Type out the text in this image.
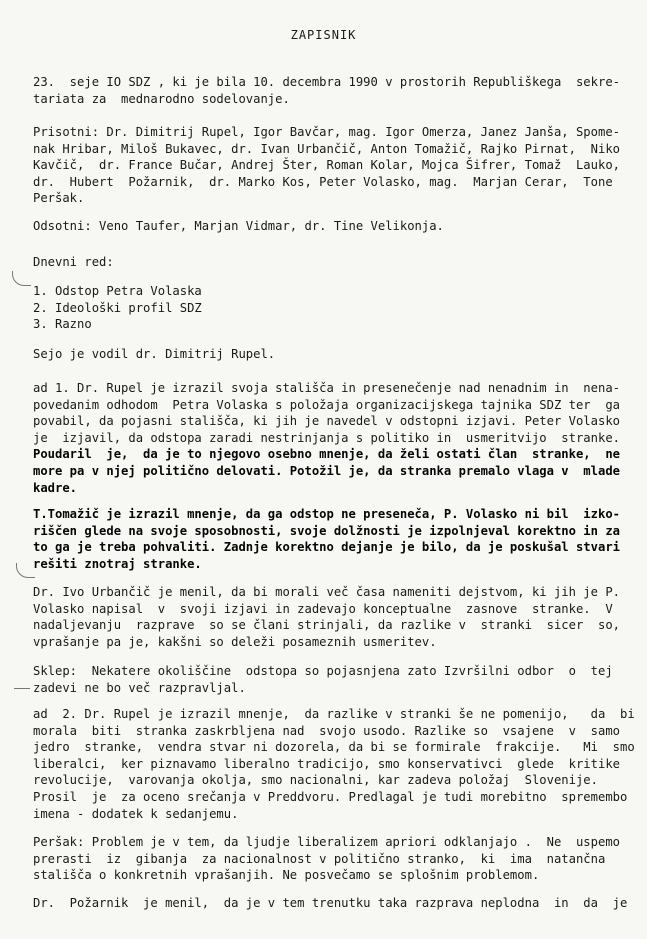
ZAPISNIK
23.  seje IO SDZ , ki je bila 10. decembra 1990 v prostorih Republiškega  sekre-
tariata za  mednarodno sodelovanje.
Prisotni: Dr. Dimitrij Rupel, Igor Bavčar, mag. Igor Omerza, Janez Janša, Spome-
nak Hribar, Miloš Bukavec, dr. Ivan Urbančič, Anton Tomažič, Rajko Pirnat,  Niko
Kavčič,  dr. France Bučar, Andrej Šter, Roman Kolar, Mojca Šifrer, Tomaž  Lauko,
dr.  Hubert  Požarnik,  dr. Marko Kos, Peter Volasko, mag.  Marjan Cerar,  Tone
Peršak.
Odsotni: Veno Taufer, Marjan Vidmar, dr. Tine Velikonja.
Dnevni red:
1. Odstop Petra Volaska
2. Ideološki profil SDZ
3. Razno
Sejo je vodil dr. Dimitrij Rupel.
ad 1. Dr. Rupel je izrazil svoja stališča in presenečenje nad nenadnim in  nena-
povedanim odhodom  Petra Volaska s položaja organizacijskega tajnika SDZ ter  ga
povabil, da pojasni stališča, ki jih je navedel v odstopni izjavi. Peter Volasko
je  izjavil, da odstopa zaradi nestrinjanja s politiko in  usmeritvijo  stranke.
Poudaril  je,  da je to njegovo osebno mnenje, da želi ostati član  stranke,  ne
more pa v njej politično delovati. Potožil je, da stranka premalo vlaga v  mlade
kadre.
T.Tomažič je izrazil mnenje, da ga odstop ne preseneča, P. Volasko ni bil  izko-
riščen glede na svoje sposobnosti, svoje dolžnosti je izpolnjeval korektno in za
to ga je treba pohvaliti. Zadnje korektno dejanje je bilo, da je poskušal stvari
rešiti znotraj stranke.
Dr. Ivo Urbančič je menil, da bi morali več časa nameniti dejstvom, ki jih je P.
Volasko napisal  v  svoji izjavi in zadevajo konceptualne  zasnove  stranke.  V
nadaljevanju  razprave  so se člani strinjali, da razlike v  stranki  sicer  so,
vprašanje pa je, kakšni so deleži posameznih usmeritev.
Sklep:  Nekatere okoliščine  odstopa so pojasnjena zato Izvršilni odbor  o  tej
zadevi ne bo več razpravljal.
ad  2. Dr. Rupel je izrazil mnenje,  da razlike v stranki še ne pomenijo,   da  bi
morala  biti  stranka zaskrbljena nad  svojo usodo. Razlike so  vsajene  v  samo
jedro  stranke,  vendra stvar ni dozorela, da bi se formirale  frakcije.   Mi  smo
liberalci,  ker piznavamo liberalno tradicijo, smo konservativci  glede  kritike
revolucije,  varovanja okolja, smo nacionalni, kar zadeva položaj  Slovenije.
Prosil  je  za oceno srečanja v Preddvoru. Predlagal je tudi morebitno  spremembo
imena - dodatek k sedanjemu.
Peršak: Problem je v tem, da ljudje liberalizem apriori odklanjajo .  Ne  uspemo
prerasti  iz  gibanja  za nacionalnost v politično stranko,  ki  ima  natančna
stališča o konkretnih vprašanjih. Ne posvečamo se splošnim problemom.
Dr.  Požarnik  je menil,  da je v tem trenutku taka razprava neplodna  in  da  je
